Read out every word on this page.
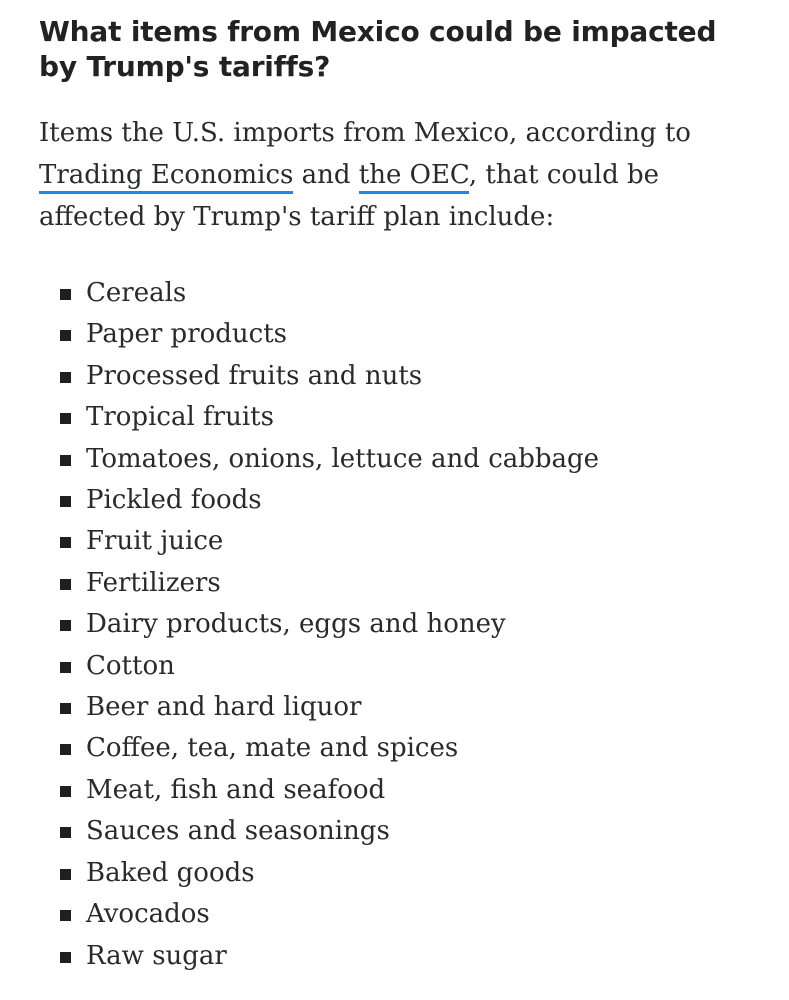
What items from Mexico could be impacted by Trump's tariffs?

Items the U.S. imports from Mexico, according to Trading Economics and the OEC, that could be affected by Trump's tariff plan include:

Cereals
Paper products
Processed fruits and nuts
Tropical fruits
Tomatoes, onions, lettuce and cabbage
Pickled foods
Fruit juice
Fertilizers
Dairy products, eggs and honey
Cotton
Beer and hard liquor
Coffee, tea, mate and spices
Meat, fish and seafood
Sauces and seasonings
Baked goods
Avocados
Raw sugar
